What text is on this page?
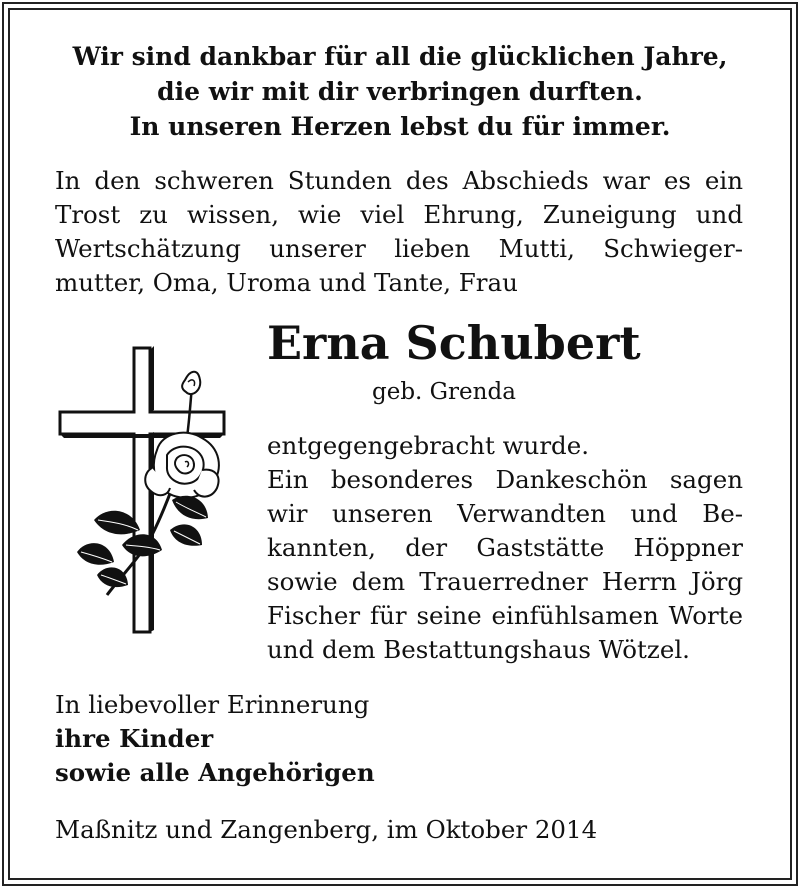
Wir sind dankbar für all die glücklichen Jahre,
die wir mit dir verbringen durften.
In unseren Herzen lebst du für immer.
In den schweren Stunden des Abschieds war es ein
Trost zu wissen, wie viel Ehrung, Zuneigung und
Wertschätzung unserer lieben Mutti, Schwieger-
mutter, Oma, Uroma und Tante, Frau
Erna Schubert
geb. Grenda
entgegengebracht wurde.
Ein besonderes Dankeschön sagen
wir unseren Verwandten und Be-
kannten, der Gaststätte Höppner
sowie dem Trauerredner Herrn Jörg
Fischer für seine einfühlsamen Worte
und dem Bestattungshaus Wötzel.
In liebevoller Erinnerung
ihre Kinder
sowie alle Angehörigen
Maßnitz und Zangenberg, im Oktober 2014
